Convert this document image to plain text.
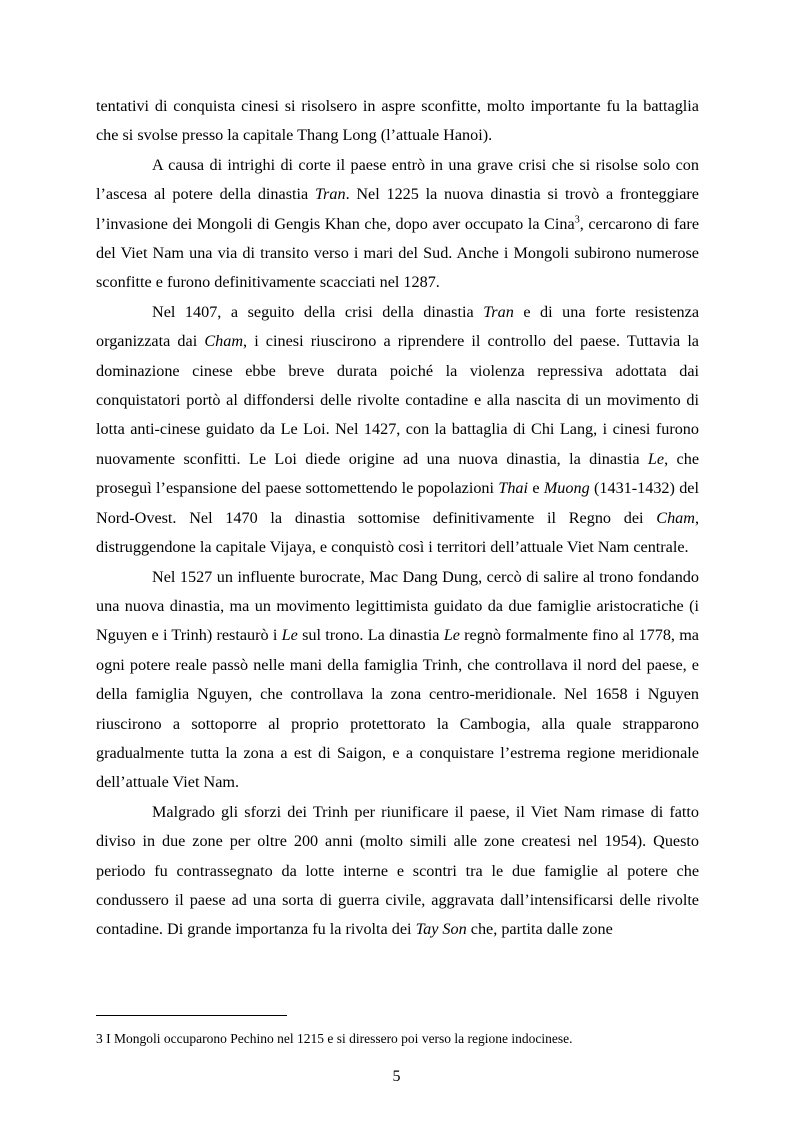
tentativi di conquista cinesi si risolsero in aspre sconfitte, molto importante fu la battaglia che si svolse presso la capitale Thang Long (l’attuale Hanoi).

A causa di intrighi di corte il paese entrò in una grave crisi che si risolse solo con l’ascesa al potere della dinastia Tran. Nel 1225 la nuova dinastia si trovò a fronteggiare l’invasione dei Mongoli di Gengis Khan che, dopo aver occupato la Cina$^3$, cercarono di fare del Viet Nam una via di transito verso i mari del Sud. Anche i Mongoli subirono numerose sconfitte e furono definitivamente scacciati nel 1287.

Nel 1407, a seguito della crisi della dinastia Tran e di una forte resistenza organizzata dai Cham, i cinesi riuscirono a riprendere il controllo del paese. Tuttavia la dominazione cinese ebbe breve durata poiché la violenza repressiva adottata dai conquistatori portò al diffondersi delle rivolte contadine e alla nascita di un movimento di lotta anti-cinese guidato da Le Loi. Nel 1427, con la battaglia di Chi Lang, i cinesi furono nuovamente sconfitti. Le Loi diede origine ad una nuova dinastia, la dinastia Le, che proseguì l’espansione del paese sottomettendo le popolazioni Thai e Muong (1431-1432) del Nord-Ovest. Nel 1470 la dinastia sottomise definitivamente il Regno dei Cham, distruggendone la capitale Vijaya, e conquistò così i territori dell’attuale Viet Nam centrale.

Nel 1527 un influente burocrate, Mac Dang Dung, cercò di salire al trono fondando una nuova dinastia, ma un movimento legittimista guidato da due famiglie aristocratiche (i Nguyen e i Trinh) restaurò i Le sul trono. La dinastia Le regnò formalmente fino al 1778, ma ogni potere reale passò nelle mani della famiglia Trinh, che controllava il nord del paese, e della famiglia Nguyen, che controllava la zona centro-meridionale. Nel 1658 i Nguyen riuscirono a sottoporre al proprio protettorato la Cambogia, alla quale strapparono gradualmente tutta la zona a est di Saigon, e a conquistare l’estrema regione meridionale dell’attuale Viet Nam.

Malgrado gli sforzi dei Trinh per riunificare il paese, il Viet Nam rimase di fatto diviso in due zone per oltre 200 anni (molto simili alle zone createsi nel 1954). Questo periodo fu contrassegnato da lotte interne e scontri tra le due famiglie al potere che condussero il paese ad una sorta di guerra civile, aggravata dall’intensificarsi delle rivolte contadine. Di grande importanza fu la rivolta dei Tay Son che, partita dalle zone

3 I Mongoli occuparono Pechino nel 1215 e si diressero poi verso la regione indocinese.
5
